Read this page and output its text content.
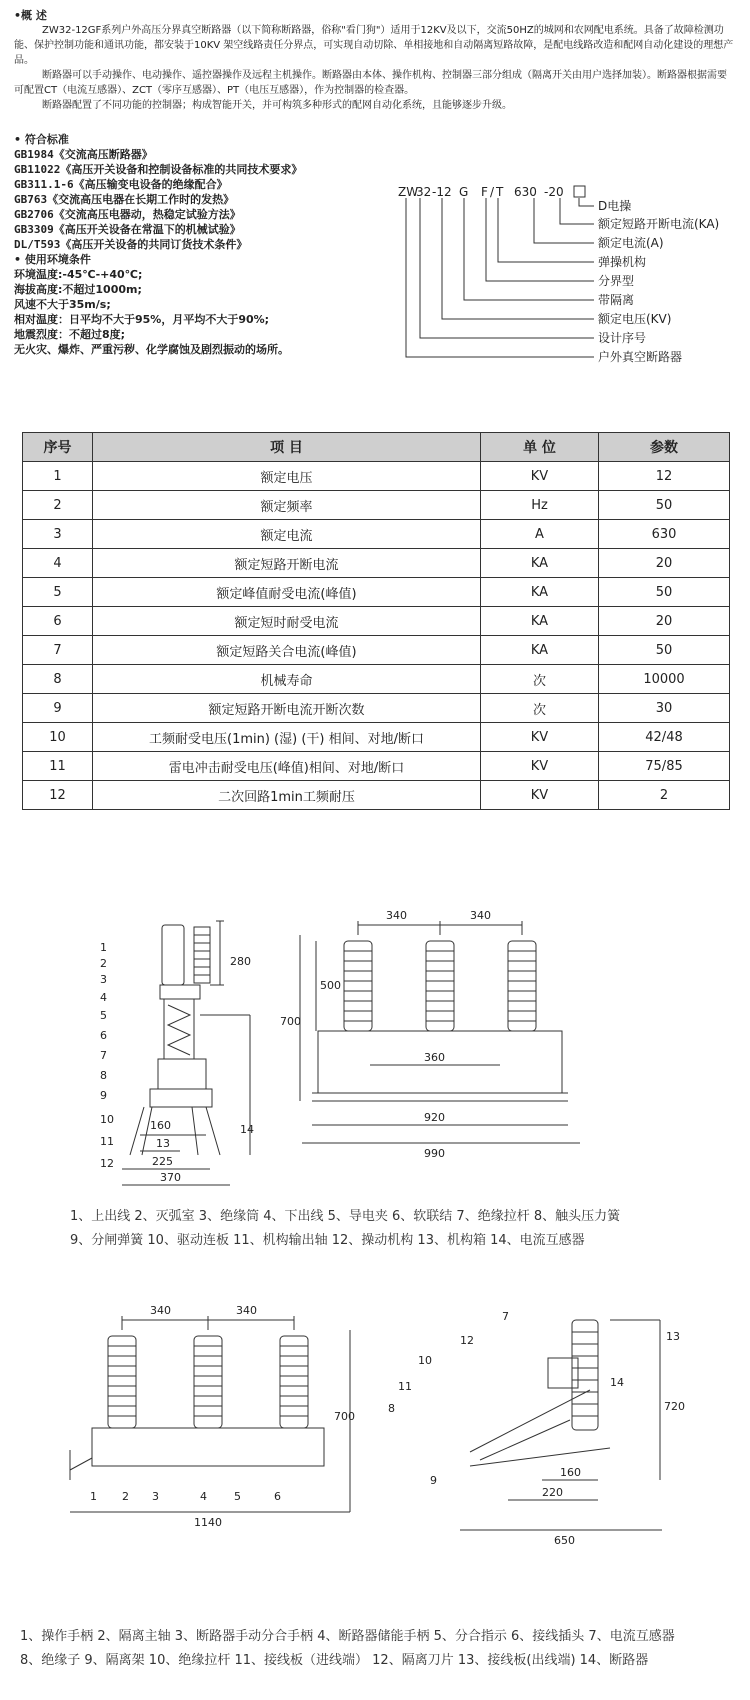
•概 述

ZW32-12GF系列户外高压分界真空断路器（以下简称断路器，俗称"看门狗"）适用于12KV及以下，交流50HZ的城网和农网配电系统。具备了故障检测功能、保护控制功能和通讯功能，都安装于10KV 架空线路责任分界点，可实现自动切除、单相接地和自动隔离短路故障，是配电线路改造和配网自动化建设的理想产品。

断路器可以手动操作、电动操作、遥控器操作及远程主机操作。断路器由本体、操作机构、控制器三部分组成（隔离开关由用户选择加装）。断路器根据需要可配置CT（电流互感器）、ZCT（零序互感器）、PT（电压互感器），作为控制器的检查器。

断路器配置了不同功能的控制器；构成智能开关，并可构筑多种形式的配网自动化系统，且能够逐步升级。

• 符合标准
GB1984《交流高压断路器》
GB11022《高压开关设备和控制设备标准的共同技术要求》
GB311.1-6《高压输变电设备的绝缘配合》
GB763《交流高压电器在长期工作时的发热》
GB2706《交流高压电器动，热稳定试验方法》
GB3309《高压开关设备在常温下的机械试验》
DL/T593《高压开关设备的共同订货技术条件》
• 使用环境条件
环境温度:-45℃-+40℃;
海拔高度:不超过1000m;
风速不大于35m/s;
相对温度：日平均不大于95%，月平均不大于90%;
地震烈度：不超过8度;
无火灾、爆炸、严重污秽、化学腐蚀及剧烈振动的场所。
ZW
32 -12 G F / T 630 -20
D电操
额定短路开断电流(KA)
额定电流(A)
弹操机构
分界型
带隔离
额定电压(KV)
设计序号
户外真空断路器
序号	项 目	单 位	参数
1	额定电压	KV	12
2	额定频率	Hz	50
3	额定电流	A	630
4	额定短路开断电流	KA	20
5	额定峰值耐受电流(峰值)	KA	50
6	额定短时耐受电流	KA	20
7	额定短路关合电流(峰值)	KA	50
8	机械寿命	次	10000
9	额定短路开断电流开断次数	次	30
10	工频耐受电压(1min) (湿) (干) 相间、对地/断口	KV	42/48
11	雷电冲击耐受电压(峰值)相间、对地/断口	KV	75/85
12	二次回路1min工频耐压	KV	2
280
160
13
225
370
14
1
2
3
4
5
6
7
8
9
10
11
12
340	340
500
700
360
920
990
1、上出线 2、灭弧室 3、绝缘筒 4、下出线 5、导电夹 6、软联结 7、绝缘拉杆 8、触头压力簧
9、分闸弹簧 10、驱动连板 11、机构输出轴 12、操动机构 13、机构箱 14、电流互感器
340	340
700
1140
1 2 3	4 5	6
720
160
220
650
7
12
10
11
8
9
13
14
1、操作手柄 2、隔离主轴 3、断路器手动分合手柄 4、断路器储能手柄 5、分合指示 6、接线插头 7、电流互感器
8、绝缘子 9、隔离架 10、绝缘拉杆 11、接线板（进线端） 12、隔离刀片 13、接线板(出线端) 14、断路器
